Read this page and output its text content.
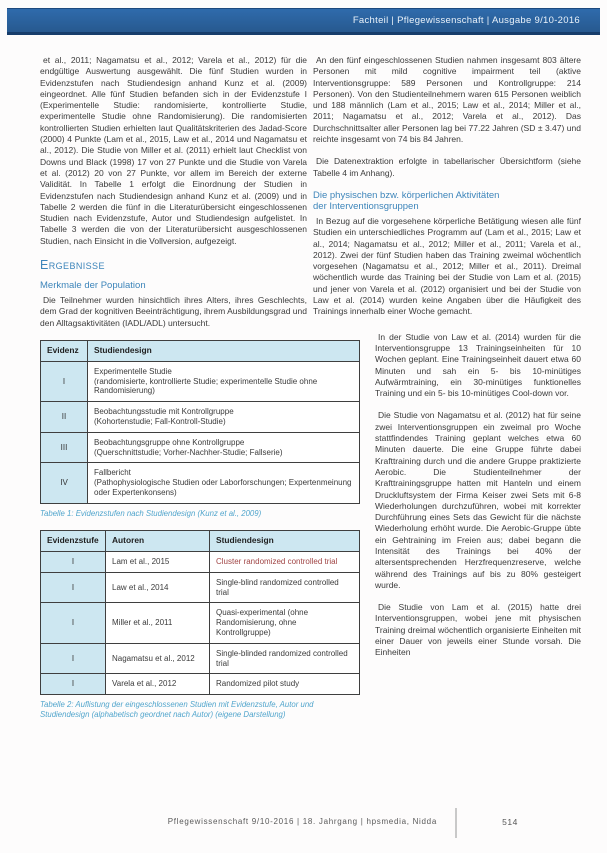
Fachteil | Pflegewissenschaft | Ausgabe 9/10-2016

et al., 2011; Nagamatsu et al., 2012; Varela et al., 2012) für die endgültige Auswertung ausgewählt. Die fünf Studien wurden in Evidenzstufen nach Studiendesign anhand Kunz et al. (2009) eingeordnet. Alle fünf Studien befanden sich in der Evidenzstufe I (Experimentelle Studie: randomisierte, kontrollierte Studie, experimentelle Studie ohne Randomisierung). Die randomisierten kontrollierten Studien erhielten laut Qualitätskriterien des Jadad-Score (2000) 4 Punkte (Lam et al., 2015, Law et al., 2014 und Nagamatsu et al., 2012). Die Studie von Miller et al. (2011) erhielt laut Checklist von Downs und Black (1998) 17 von 27 Punkte und die Studie von Varela et al. (2012) 20 von 27 Punkte, vor allem im Bereich der externe Validität. In Tabelle 1 erfolgt die Einordnung der Studien in Evidenzstufen nach Studiendesign anhand Kunz et al. (2009) und in Tabelle 2 werden die fünf in die Literaturübersicht eingeschlossenen Studien nach Evidenzstufe, Autor und Studiendesign aufgelistet. In Tabelle 3 werden die von der Literaturübersicht ausgeschlossenen Studien, nach Einsicht in die Vollversion, aufgezeigt.

Ergebnisse
Merkmale der Population

Die Teilnehmer wurden hinsichtlich ihres Alters, ihres Geschlechts, dem Grad der kognitiven Beeinträchtigung, ihrem Ausbildungsgrad und den Alltagsaktivitäten (IADL/ADL) untersucht.

Evidenz	Studiendesign
I	Experimentelle Studie
(randomisierte, kontrollierte Studie; experimentelle Studie ohne Randomisierung)

II	Beobachtungsstudie mit Kontrollgruppe
(Kohortenstudie; Fall-Kontroll-Studie)

III	Beobachtungsgruppe ohne Kontrollgruppe
(Querschnittstudie; Vorher-Nachher-Studie; Fallserie)

IV	Fallbericht
(Pathophysiologische Studien oder Laborforschungen; Expertenmeinung oder Expertenkonsens)

Tabelle 1: Evidenzstufen nach Studiendesign (Kunz et al., 2009)

Evidenzstufe	Autoren	Studiendesign
I	Lam et al., 2015	Cluster randomized controlled trial
I	Law et al., 2014	Single-blind randomized controlled trial
I	Miller et al., 2011	Quasi-experimental (ohne Randomisierung, ohne Kontrollgruppe)
I	Nagamatsu et al., 2012	Single-blinded randomized controlled trial
I	Varela et al., 2012	Randomized pilot study

Tabelle 2: Auflistung der eingeschlossenen Studien mit Evidenzstufe, Autor und Studiendesign (alphabetisch geordnet nach Autor) (eigene Darstellung)

An den fünf eingeschlossenen Studien nahmen insgesamt 803 ältere Personen mit mild cognitive impairment teil (aktive Interventionsgruppe: 589 Personen und Kontrollgruppe: 214 Personen). Von den Studienteilnehmern waren 615 Personen weiblich und 188 männlich (Lam et al., 2015; Law et al., 2014; Miller et al., 2011; Nagamatsu et al., 2012; Varela et al., 2012). Das Durchschnittsalter aller Personen lag bei 77.22 Jahren (SD ± 3.47) und reichte insgesamt von 74 bis 84 Jahren.

Die Datenextraktion erfolgte in tabellarischer Übersichtform (siehe Tabelle 4 im Anhang).

Die physischen bzw. körperlichen Aktivitäten der Interventionsgruppen

In Bezug auf die vorgesehene körperliche Betätigung wiesen alle fünf Studien ein unterschiedliches Programm auf (Lam et al., 2015; Law et al., 2014; Nagamatsu et al., 2012; Miller et al., 2011; Varela et al., 2012). Zwei der fünf Studien haben das Training zweimal wöchentlich vorgesehen (Nagamatsu et al., 2012; Miller et al., 2011). Dreimal wöchentlich wurde das Training bei der Studie von Lam et al. (2015) und jener von Varela et al. (2012) organisiert und bei der Studie von Law et al. (2014) wurden keine Angaben über die Häufigkeit des Trainings innerhalb einer Woche gemacht.

In der Studie von Law et al. (2014) wurden für die Interventionsgruppe 13 Trainingseinheiten für 10 Wochen geplant. Eine Trainingseinheit dauert etwa 60 Minuten und sah ein 5- bis 10-minütiges Aufwärmtraining, ein 30-minütiges funktionelles Training und ein 5- bis 10-minütiges Cool-down vor.

Die Studie von Nagamatsu et al. (2012) hat für seine zwei Interventionsgruppen ein zweimal pro Woche stattfindendes Training geplant welches etwa 60 Minuten dauerte. Die eine Gruppe führte dabei Krafttraining durch und die andere Gruppe praktizierte Aerobic. Die Studienteilnehmer der Krafttrainingsgruppe hatten mit Hanteln und einem Druckluftsystem der Firma Keiser zwei Sets mit 6-8 Wiederholungen durchzuführen, wobei mit korrekter Durchführung eines Sets das Gewicht für die nächste Wiederholung erhöht wurde. Die Aerobic-Gruppe übte ein Gehtraining im Freien aus; dabei begann die Intensität des Trainings bei 40% der altersentsprechenden Herzfrequenzreserve, welche während des Trainings auf bis zu 80% gesteigert wurde.

Die Studie von Lam et al. (2015) hatte drei Interventionsgruppen, wobei jene mit physischen Training dreimal wöchentlich organisierte Einheiten mit einer Dauer von jeweils einer Stunde vorsah. Die Einheiten

Pflegewissenschaft 9/10-2016 | 18. Jahrgang | hpsmedia, Nidda	514
